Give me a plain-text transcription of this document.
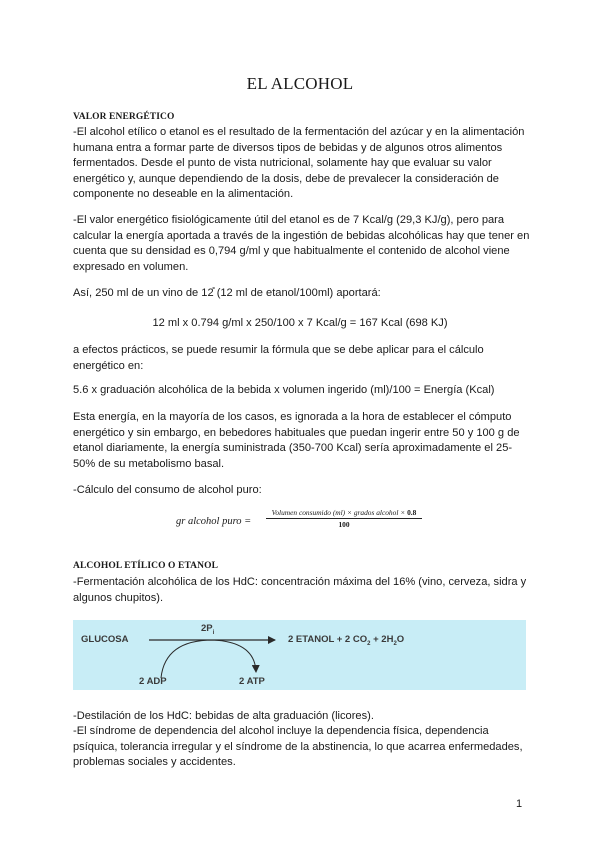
EL ALCOHOL
VALOR ENERGÉTICO

-El alcohol etílico o etanol es el resultado de la fermentación del azúcar y en la alimentación humana entra a formar parte de diversos tipos de bebidas y de algunos otros alimentos fermentados. Desde el punto de vista nutricional, solamente hay que evaluar su valor energético y, aunque dependiendo de la dosis, debe de prevalecer la consideración de componente no deseable en la alimentación.

-El valor energético fisiológicamente útil del etanol es de 7 Kcal/g (29,3 KJ/g), pero para calcular la energía aportada a través de la ingestión de bebidas alcohólicas hay que tener en cuenta que su densidad es 0,794 g/ml y que habitualmente el contenido de alcohol viene expresado en volumen.

Así, 250 ml de un vino de 12̊ (12 ml de etanol/100ml) aportará:

12 ml x 0.794 g/ml x 250/100 x 7 Kcal/g = 167 Kcal (698 KJ)

a efectos prácticos, se puede resumir la fórmula que se debe aplicar para el cálculo energético en:

5.6 x graduación alcohólica de la bebida x volumen ingerido (ml)/100 = Energía (Kcal)

Esta energía, en la mayoría de los casos, es ignorada a la hora de establecer el cómputo energético y sin embargo, en bebedores habituales que puedan ingerir entre 50 y 100 g de etanol diariamente, la energía suministrada (350-700 Kcal) sería aproximadamente el 25-50% de su metabolismo basal.

-Cálculo del consumo de alcohol puro:

gr alcohol puro =
Volumen consumido (ml) × grados alcohol × 0.8
100
ALCOHOL ETÍLICO O ETANOL

-Fermentación alcohólica de los HdC: concentración máxima del 16% (vino, cerveza, sidra y algunos chupitos).

GLUCOSA
$2P_i$
2 ETANOL + 2 $CO_2 + 2H_2O$
2 ADP	2 ATP

-Destilación de los HdC: bebidas de alta graduación (licores).

-El síndrome de dependencia del alcohol incluye la dependencia física, dependencia psíquica, tolerancia irregular y el síndrome de la abstinencia, lo que acarrea enfermedades, problemas sociales y accidentes.

1
